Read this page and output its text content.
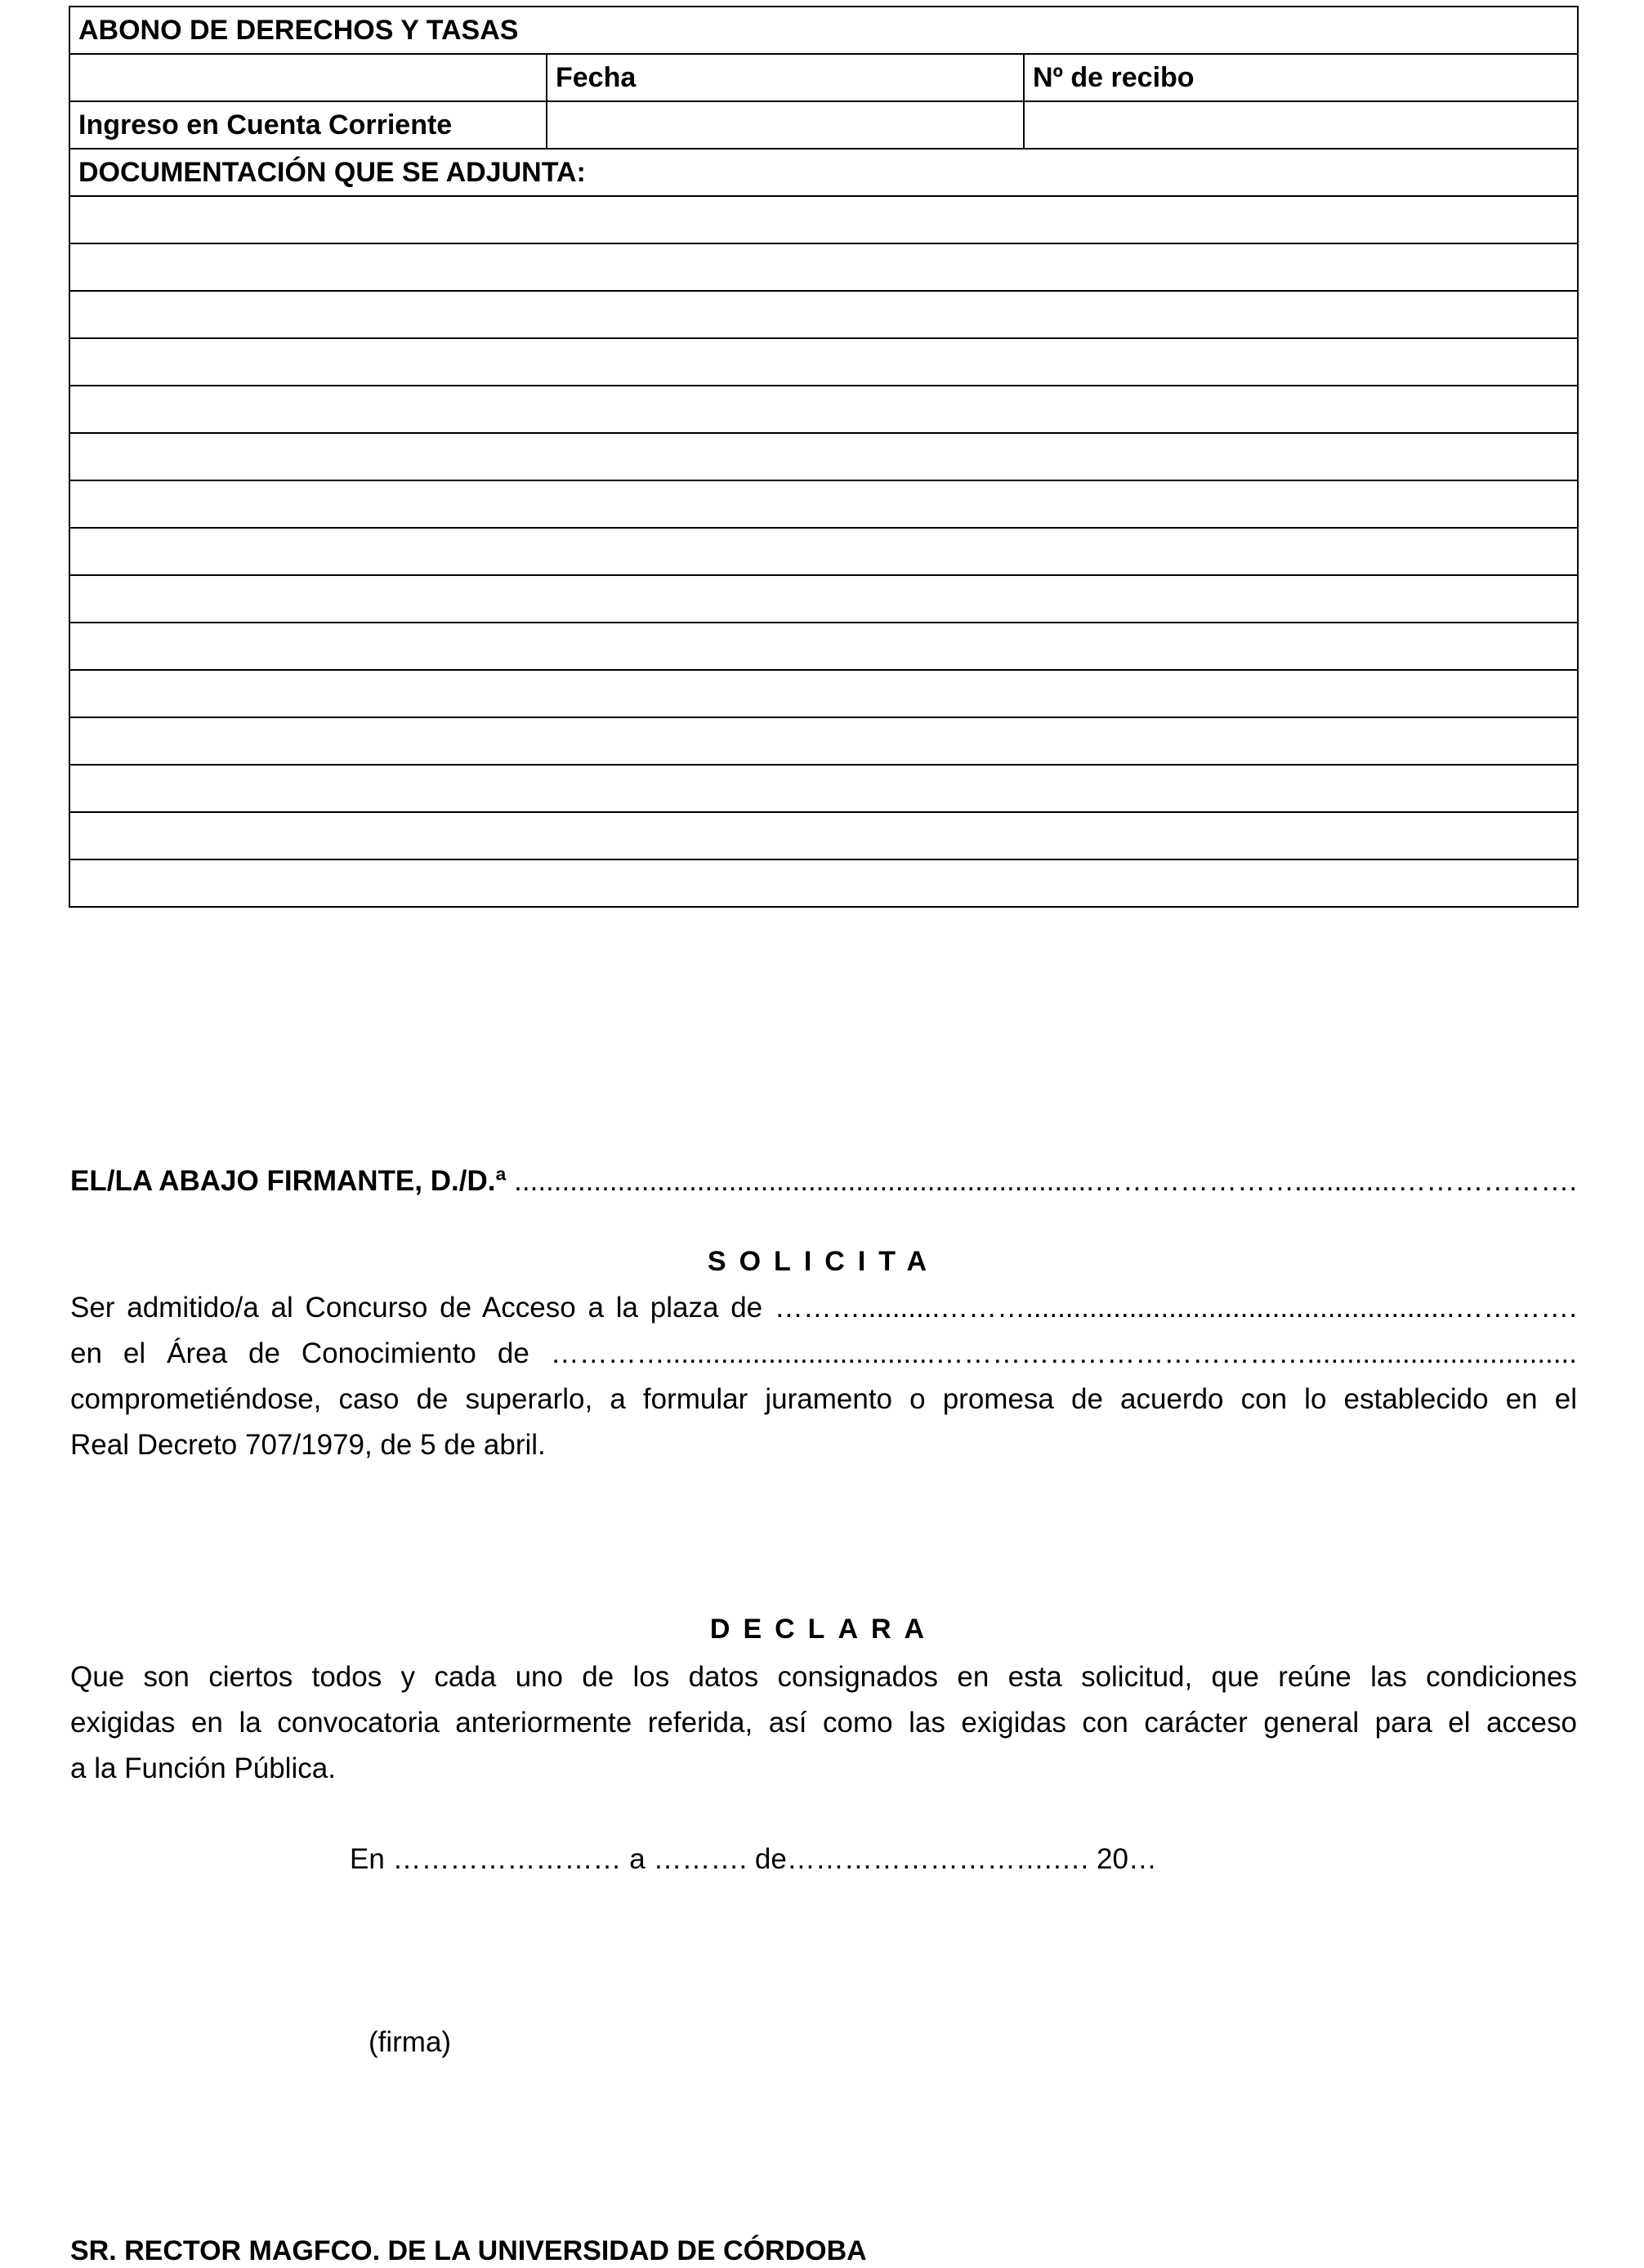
ABONO DE DERECHOS Y TASAS		
	Fecha	Nº de recibo
Ingreso en Cuenta Corriente		
DOCUMENTACIÓN QUE SE ADJUNTA:		

EL/LA ABAJO FIRMANTE, D./D.ª .........................................................................………………….............……………….
SOLICITA
Ser admitido/a al Concurso de Acceso a la plaza de ………..........………......................................................………….
en el Área de Conocimiento de …………..................................…………………………………..................................
comprometiéndose, caso de superarlo, a formular juramento o promesa de acuerdo con lo establecido en el
Real Decreto 707/1979, de 5 de abril.
DECLARA
Que son ciertos todos y cada uno de los datos consignados en esta solicitud, que reúne las condiciones
exigidas en la convocatoria anteriormente referida, así como las exigidas con carácter general para el acceso
a la Función Pública.
En …………………… a ………. de……………………….…. 20…
(firma)
SR. RECTOR MAGFCO. DE LA UNIVERSIDAD DE CÓRDOBA
